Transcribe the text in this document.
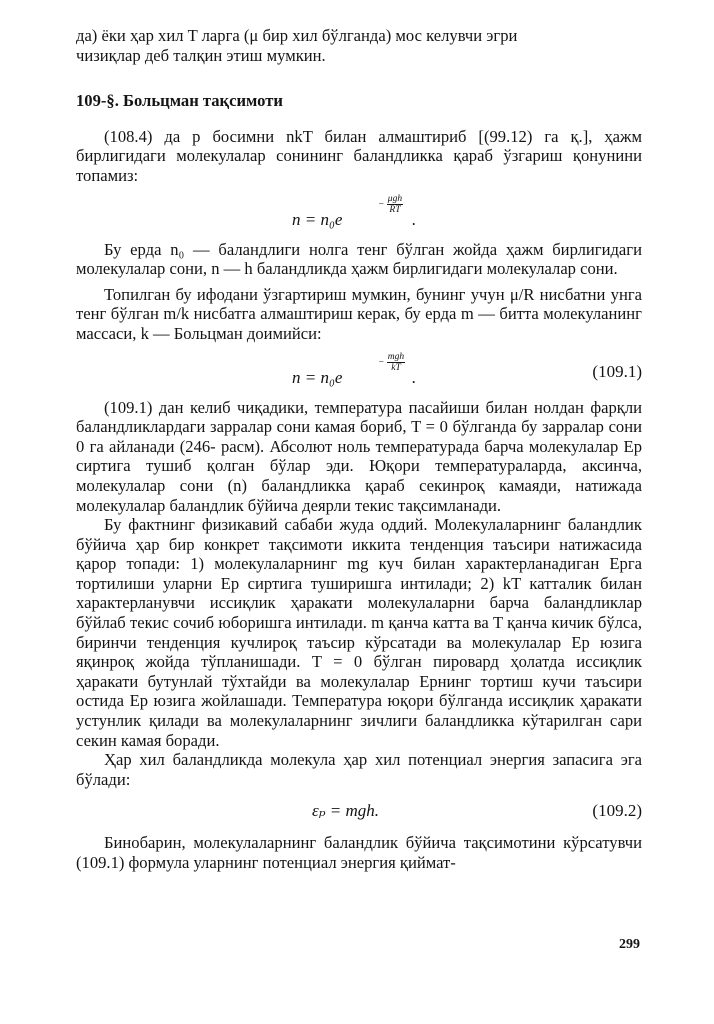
да) ёки ҳар хил T ларга (μ бир хил бўлганда) мос келувчи эгри

чизиқлар деб талқин этиш мумкин.

109-§. Больцман тақсимоти

(108.4) да p босимни nkT билан алмаштириб [(99.12) га қ.], ҳажм бирлигидаги молекулалар сонининг баландликка қараб ўзгариш қонунини топамиз:

n = n₀e
− $\frac{\text{μgh}}{RT}$
.

Бу ерда n₀ — баландлиги нолга тенг бўлган жойда ҳажм бирлигидаги молекулалар сони, n — h баландликда ҳажм бирлигидаги молекулалар сони.

Топилган бу ифодани ўзгартириш мумкин, бунинг учун μ/R нисбатни унга тенг бўлган m/k нисбатга алмаштириш керак, бу ерда m — битта молекуланинг массаси, k — Больцман доимийси:

n = n₀e
− $\frac{\text{mgh}}{kT}$
.	(109.1)

(109.1) дан келиб чиқадики, температура пасайиши билан нолдан фарқли баландликлардаги зарралар сони камая бориб, T = 0 бўлганда бу зарралар сони 0 га айланади (246- расм). Абсолют ноль температурада барча молекулалар Ер сиртига тушиб қолган бўлар эди. Юқори температураларда, аксинча, молекулалар сони (n) баландликка қараб секинроқ камаяди, натижада молекулалар баландлик бўйича деярли текис тақсимланади.

Бу фактнинг физикавий сабаби жуда оддий. Молекулаларнинг баландлик бўйича ҳар бир конкрет тақсимоти иккита тенденция таъсири натижасида қарор топади: 1) молекулаларнинг mg куч билан характерланадиган Ерга тортилиши уларни Ер сиртига туширишга интилади; 2) kT катталик билан характерланувчи иссиқлик ҳаракати молекулаларни барча баландликлар бўйлаб текис сочиб юборишга интилади. m қанча катта ва T қанча кичик бўлса, биринчи тенденция кучлироқ таъсир кўрсатади ва молекулалар Ер юзига яқинроқ жойда тўпланишади. T = 0 бўлган пировард ҳолатда иссиқлик ҳаракати бутунлай тўхтайди ва молекулалар Ернинг тортиш кучи таъсири остида Ер юзига жойлашади. Температура юқори бўлганда иссиқлик ҳаракати устунлик қилади ва молекулаларнинг зичлиги баландликка кўтарилган сари секин камая боради.

Ҳар хил баландликда молекула ҳар хил потенциал энергия запасига эга бўлади:

εₚ = mgh.	(109.2)

Бинобарин, молекулаларнинг баландлик бўйича тақсимотини кўрсатувчи (109.1) формула уларнинг потенциал энергия қиймат-

299
